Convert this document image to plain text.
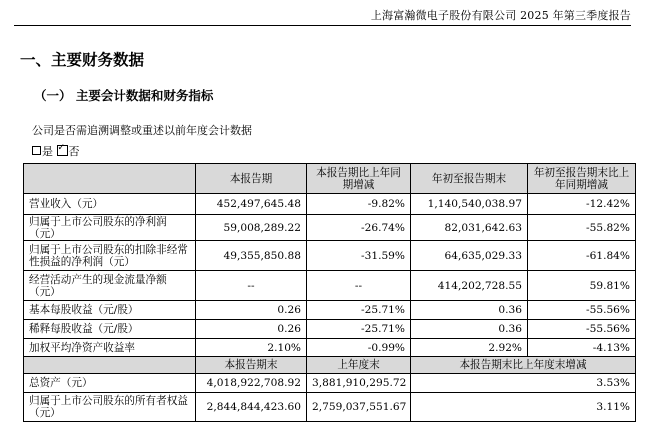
上海富瀚微电子股份有限公司 2025 年第三季度报告
一、主要财务数据
（一） 主要会计数据和财务指标
公司是否需追溯调整或重述以前年度会计数据
是 ✓ 否
	本报告期	本报告期比上年同期增减	年初至报告期末	年初至报告期末比上年同期增减
营业收入（元）	452,497,645.48	-9.82%	1,140,540,038.97	-12.42%
归属于上市公司股东的净利润（元）	59,008,289.22	-26.74%	82,031,642.63	-55.82%
归属于上市公司股东的扣除非经常性损益的净利润（元）	49,355,850.88	-31.59%	64,635,029.33	-61.84%
经营活动产生的现金流量净额（元）	--	--	414,202,728.55	59.81%
基本每股收益（元/股）	0.26	-25.71%	0.36	-55.56%
稀释每股收益（元/股）	0.26	-25.71%	0.36	-55.56%
加权平均净资产收益率	2.10%	-0.99%	2.92%	-4.13%
	本报告期末	上年度末	本报告期末比上年度末增减	
总资产（元）	4,018,922,708.92	3,881,910,295.72	3.53%	
归属于上市公司股东的所有者权益（元）	2,844,844,423.60	2,759,037,551.67	3.11%	
